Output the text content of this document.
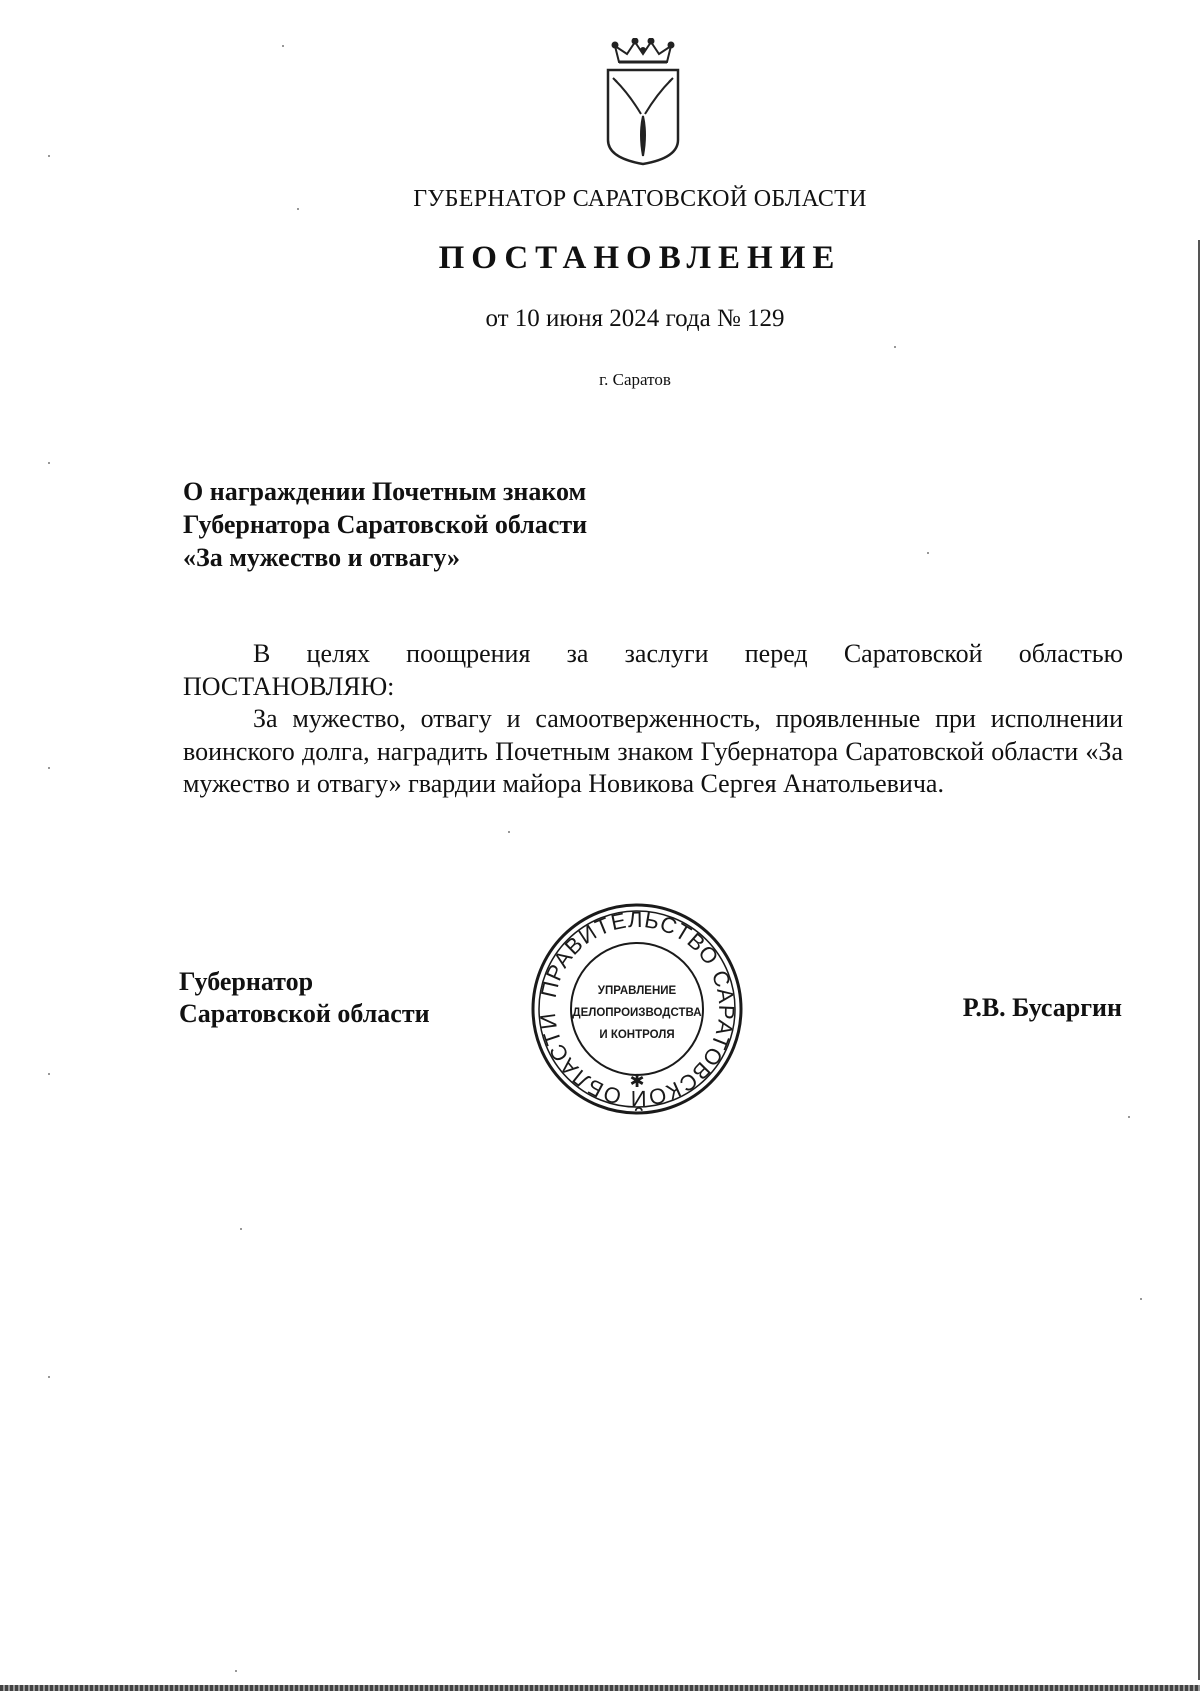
ГУБЕРНАТОР САРАТОВСКОЙ ОБЛАСТИ
ПОСТАНОВЛЕНИЕ
от 10 июня 2024 года № 129
г. Саратов
О награждении Почетным знаком
Губернатора Саратовской области
«За мужество и отвагу»

В целях поощрения за заслуги перед Саратовской областью ПОСТАНОВЛЯЮ:

За мужество, отвагу и самоотверженность, проявленные при исполнении воинского долга, наградить Почетным знаком Губернатора Саратовской области «За мужество и отвагу» гвардии майора Новикова Сергея Анатольевича.

Губернатор
Саратовской области	Р.В. Бусаргин
ПРАВИТЕЛЬСТВО САРАТОВСКОЙ ОБЛАСТИ
✱
УПРАВЛЕНИЕ
ДЕЛОПРОИЗВОДСТВА
И КОНТРОЛЯ
